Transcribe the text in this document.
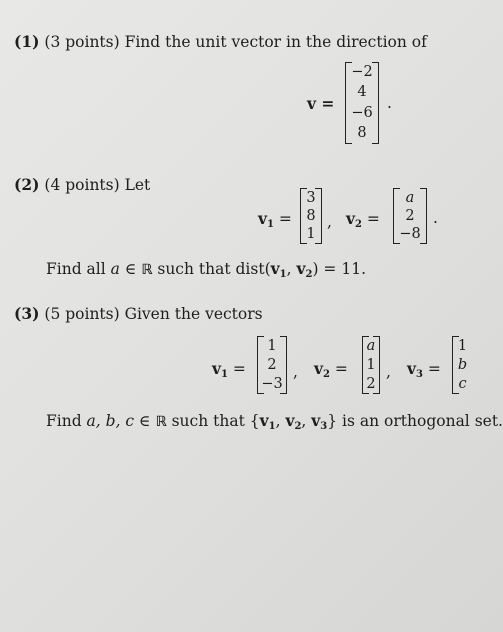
(1) (3 points) Find the unit vector in the direction of
v =
−2
4
−6
8
.
(2) (4 points) Let
$v_1$ =
3
8
1
, $v_2$ =
a
2
−8
.
Find all a ∈ ℝ such that $dist(v_1$, $v_2) = 11$.
(3) (5 points) Given the vectors
$v_1$ =
1
2
−3
, $v_2$ =
a
1
2
, $v_3$ =
1
b
c
Find a, b, c ∈ ℝ such that {$v_1$, $v_2$, $v_3$} is an orthogonal set.
